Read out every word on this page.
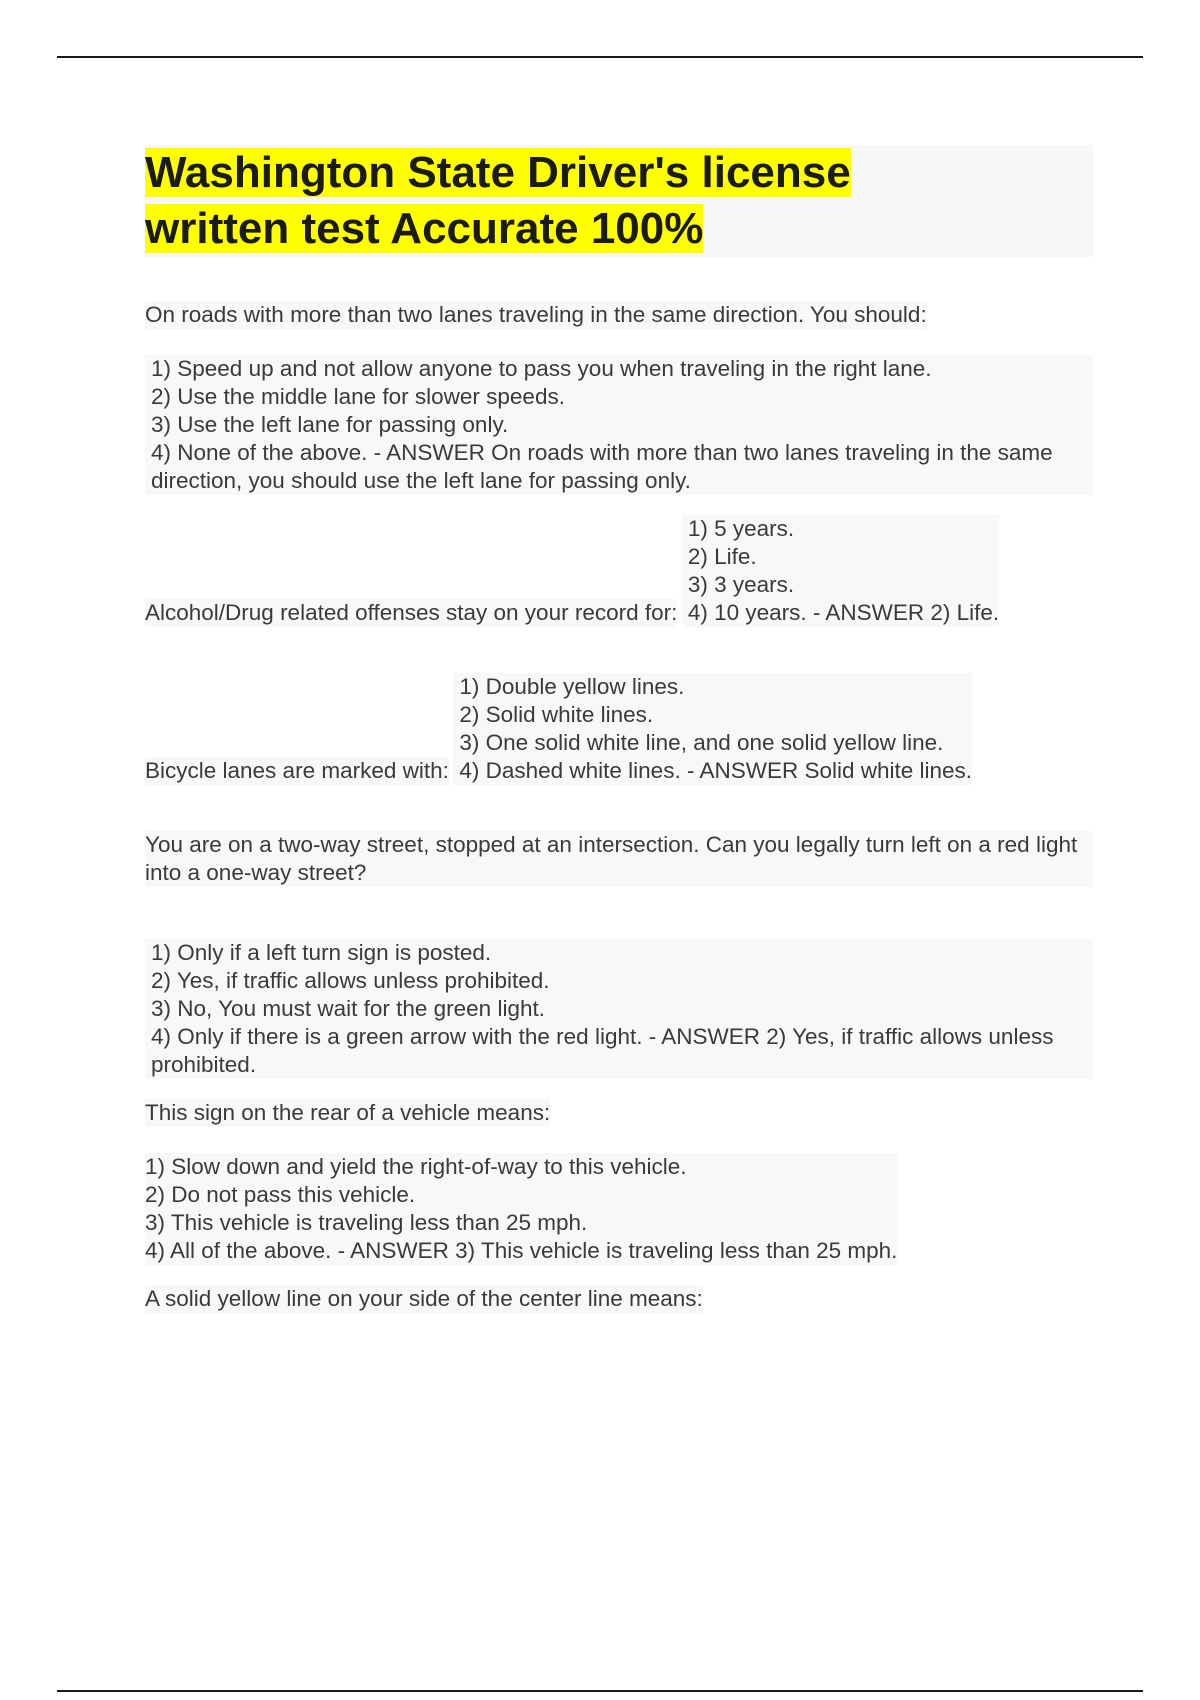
Washington State Driver's license
written test Accurate 100%
On roads with more than two lanes traveling in the same direction. You should:
1) Speed up and not allow anyone to pass you when traveling in the right lane.
2) Use the middle lane for slower speeds.
3) Use the left lane for passing only.
4) None of the above. - ANSWER On roads with more than two lanes traveling in the same direction, you should use the left lane for passing only.
Alcohol/Drug related offenses stay on your record for:
1) 5 years.
2) Life.
3) 3 years.
4) 10 years. - ANSWER 2) Life.
Bicycle lanes are marked with:
1) Double yellow lines.
2) Solid white lines.
3) One solid white line, and one solid yellow line.
4) Dashed white lines. - ANSWER Solid white lines.
You are on a two-way street, stopped at an intersection. Can you legally turn left on a red light into a one-way street?
1) Only if a left turn sign is posted.
2) Yes, if traffic allows unless prohibited.
3) No, You must wait for the green light.
4) Only if there is a green arrow with the red light. - ANSWER 2) Yes, if traffic allows unless prohibited.
This sign on the rear of a vehicle means:
1) Slow down and yield the right-of-way to this vehicle.
2) Do not pass this vehicle.
3) This vehicle is traveling less than 25 mph.
4) All of the above. - ANSWER 3) This vehicle is traveling less than 25 mph.
A solid yellow line on your side of the center line means:
